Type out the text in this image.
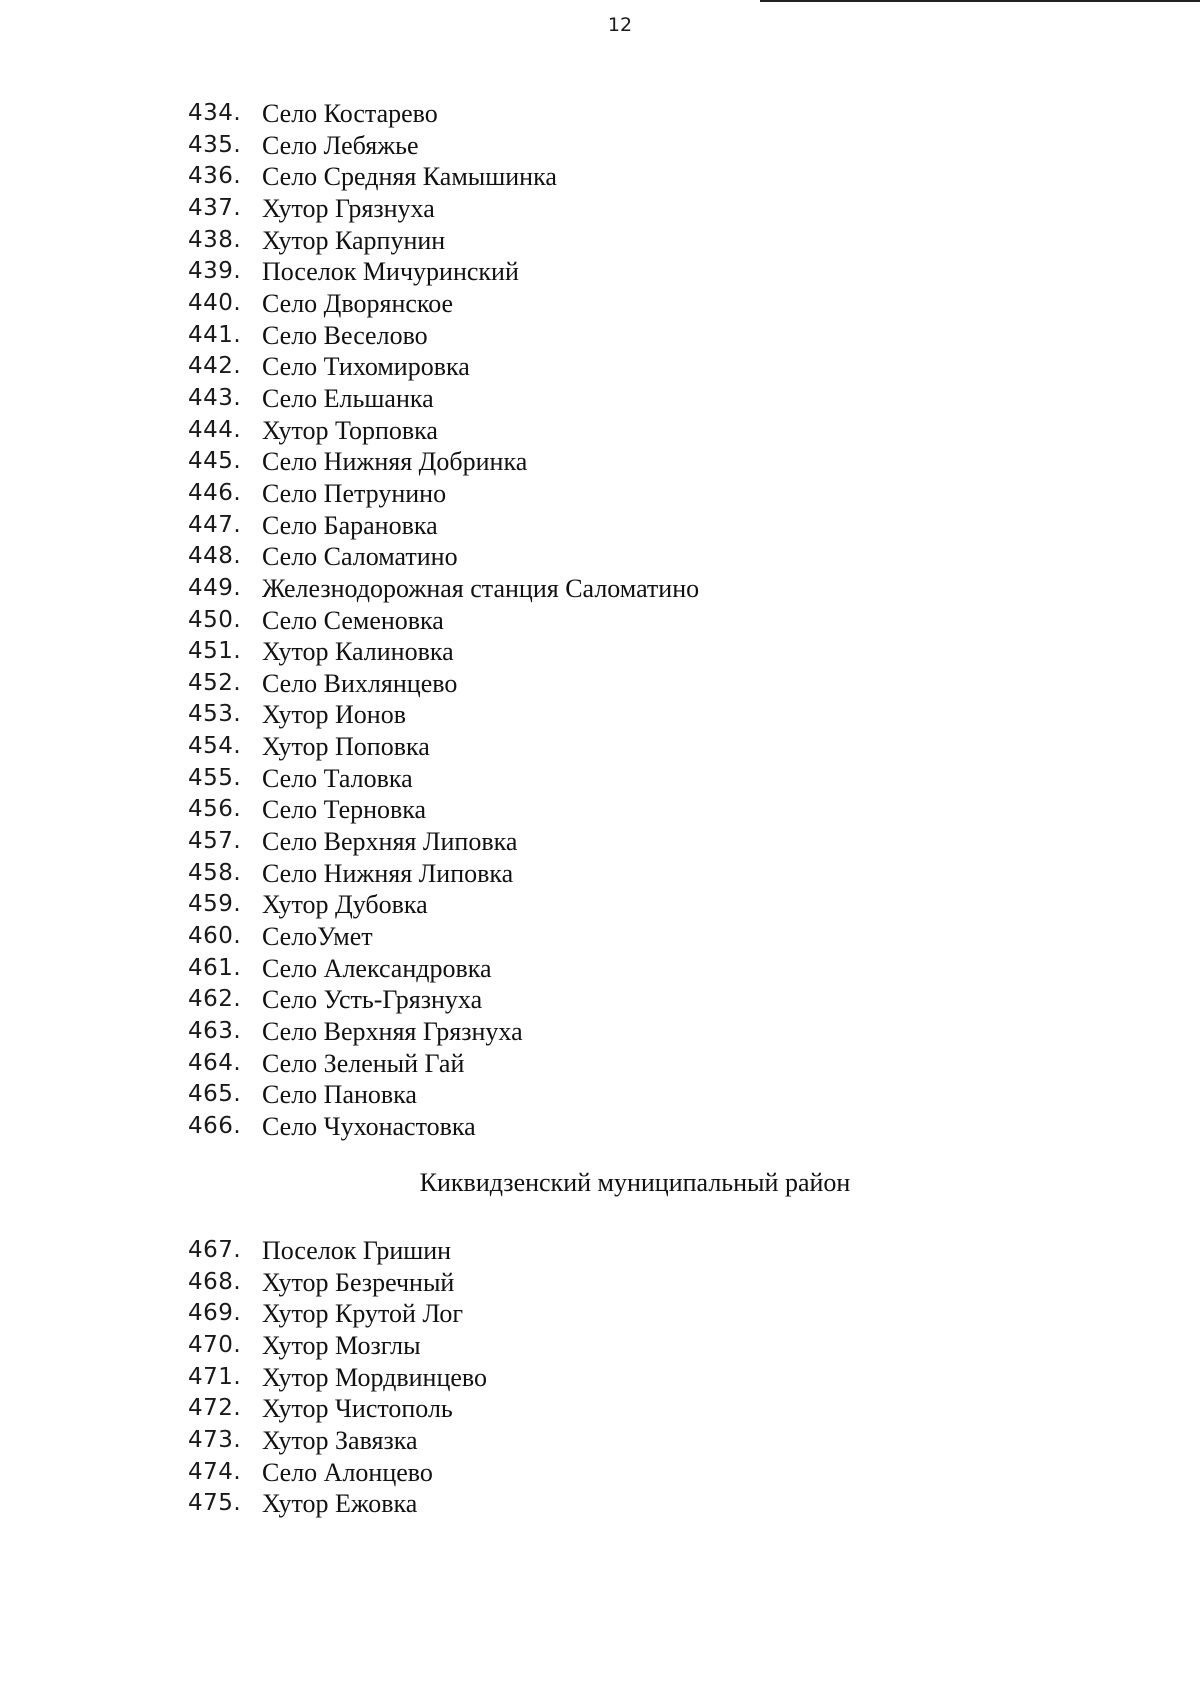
12
434. Село Костарево
435. Село Лебяжье
436. Село Средняя Камышинка
437. Хутор Грязнуха
438. Хутор Карпунин
439. Поселок Мичуринский
440. Село Дворянское
441. Село Веселово
442. Село Тихомировка
443. Село Ельшанка
444. Хутор Торповка
445. Село Нижняя Добринка
446. Село Петрунино
447. Село Барановка
448. Село Саломатино
449. Железнодорожная станция Саломатино
450. Село Семеновка
451. Хутор Калиновка
452. Село Вихлянцево
453. Хутор Ионов
454. Хутор Поповка
455. Село Таловка
456. Село Терновка
457. Село Верхняя Липовка
458. Село Нижняя Липовка
459. Хутор Дубовка
460. СелоУмет
461. Село Александровка
462. Село Усть-Грязнуха
463. Село Верхняя Грязнуха
464. Село Зеленый Гай
465. Село Пановка
466. Село Чухонастовка
Киквидзенский муниципальный район
467. Поселок Гришин
468. Хутор Безречный
469. Хутор Крутой Лог
470. Хутор Мозглы
471. Хутор Мордвинцево
472. Хутор Чистополь
473. Хутор Завязка
474. Село Алонцево
475. Хутор Ежовка
